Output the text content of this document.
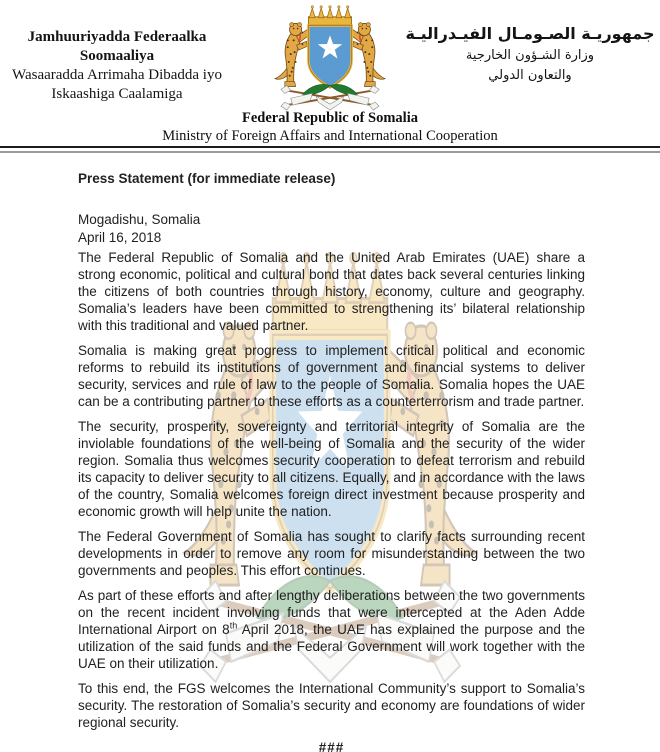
Jamhuuriyadda Federaalka Soomaaliya
Wasaaradda Arrimaha Dibadda iyo
Iskaashiga Caalamiga
جمهوريـة الصـومـال الفيـدراليـة
وزارة الشـؤون الخارجية
والتعاون الدولي
Federal Republic of Somalia
Ministry of Foreign Affairs and International Cooperation

Press Statement (for immediate release)

Mogadishu, Somalia

April 16, 2018

The Federal Republic of Somalia and the United Arab Emirates (UAE) share a strong economic, political and cultural bond that dates back several centuries linking the citizens of both countries through history, economy, culture and geography. Somalia’s leaders have been committed to strengthening its’ bilateral relationship with this traditional and valued partner.

Somalia is making great progress to implement critical political and economic reforms to rebuild its institutions of government and financial systems to deliver security, services and rule of law to the people of Somalia. Somalia hopes the UAE can be a contributing partner to these efforts as a counterterrorism and trade partner.

The security, prosperity, sovereignty and territorial integrity of Somalia are the inviolable foundations of the well-being of Somalia and the security of the wider region. Somalia thus welcomes security cooperation to defeat terrorism and rebuild its capacity to deliver security to all citizens. Equally, and in accordance with the laws of the country, Somalia welcomes foreign direct investment because prosperity and economic growth will help unite the nation.

The Federal Government of Somalia has sought to clarify facts surrounding recent developments in order to remove any room for misunderstanding between the two governments and peoples. This effort continues.

As part of these efforts and after lengthy deliberations between the two governments on the recent incident involving funds that were intercepted at the Aden Adde International Airport on 8th April 2018, the UAE has explained the purpose and the utilization of the said funds and the Federal Government will work together with the UAE on their utilization.

To this end, the FGS welcomes the International Community’s support to Somalia’s security. The restoration of Somalia’s security and economy are foundations of wider regional security.

###
